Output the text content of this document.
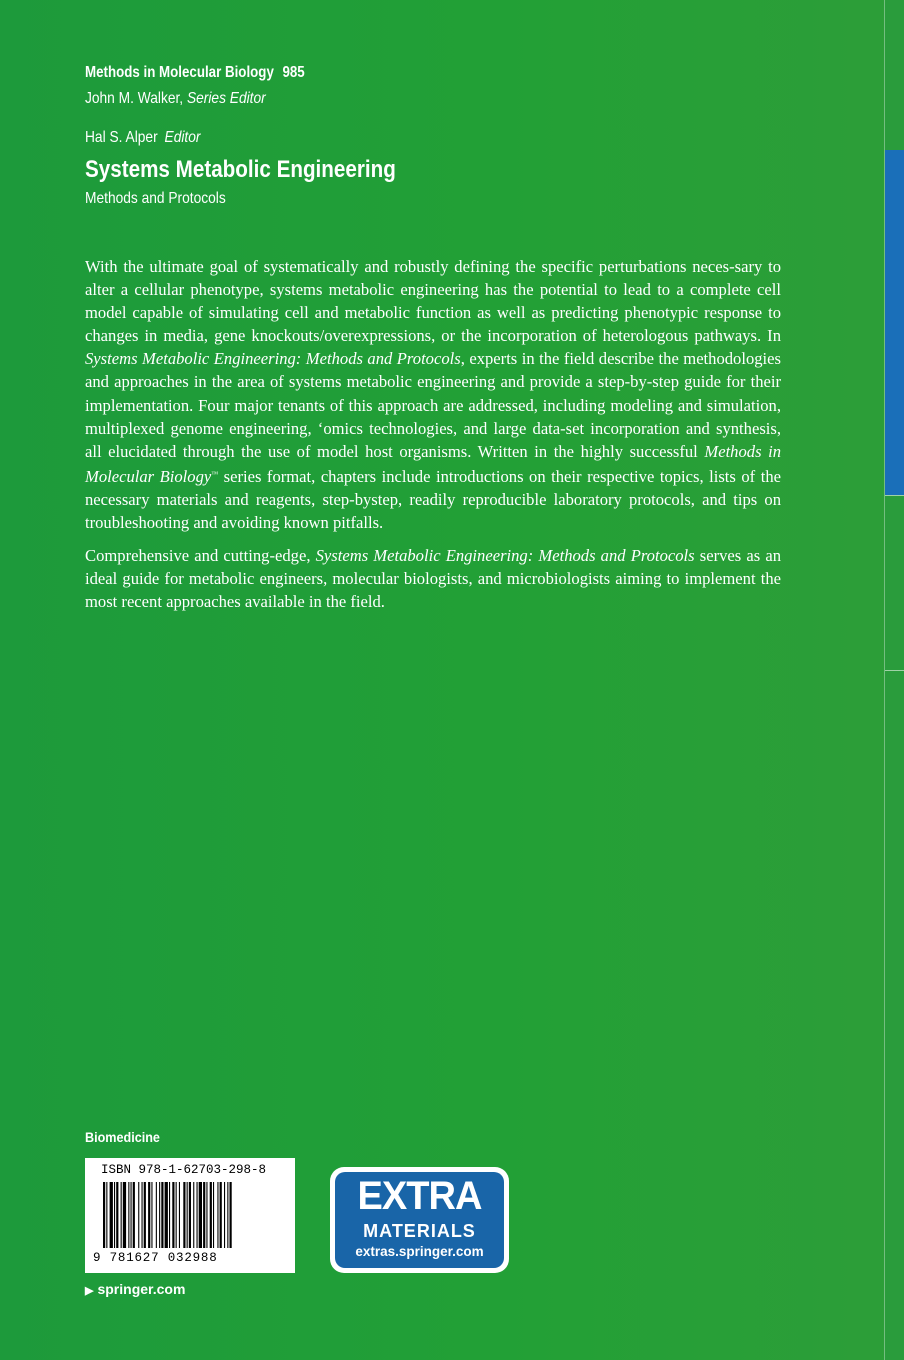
Methods in Molecular Biology 985
John M. Walker, Series Editor
Hal S. Alper Editor
Systems Metabolic Engineering
Methods and Protocols

With the ultimate goal of systematically and robustly defining the specific perturbations neces-sary to alter a cellular phenotype, systems metabolic engineering has the potential to lead to a complete cell model capable of simulating cell and metabolic function as well as predicting phenotypic response to changes in media, gene knockouts/overexpressions, or the incorporation of heterologous pathways. In Systems Metabolic Engineering: Methods and Protocols, experts in the field describe the methodologies and approaches in the area of systems metabolic engineering and provide a step-by-step guide for their implementation. Four major tenants of this approach are addressed, including modeling and simulation, multiplexed genome engineering, ‘omics technologies, and large data-set incorporation and synthesis, all elucidated through the use of model host organisms. Written in the highly successful Methods in Molecular Biology™ series format, chapters include introductions on their respective topics, lists of the necessary materials and reagents, step-bystep, readily reproducible laboratory protocols, and tips on troubleshooting and avoiding known pitfalls.

Comprehensive and cutting-edge, Systems Metabolic Engineering: Methods and Protocols serves as an ideal guide for metabolic engineers, molecular biologists, and microbiologists aiming to implement the most recent approaches available in the field.

Biomedicine
ISBN 978-1-62703-298-8
9 781627 032988
EXTRA
MATERIALS
extras.springer.com
▶ springer.com
